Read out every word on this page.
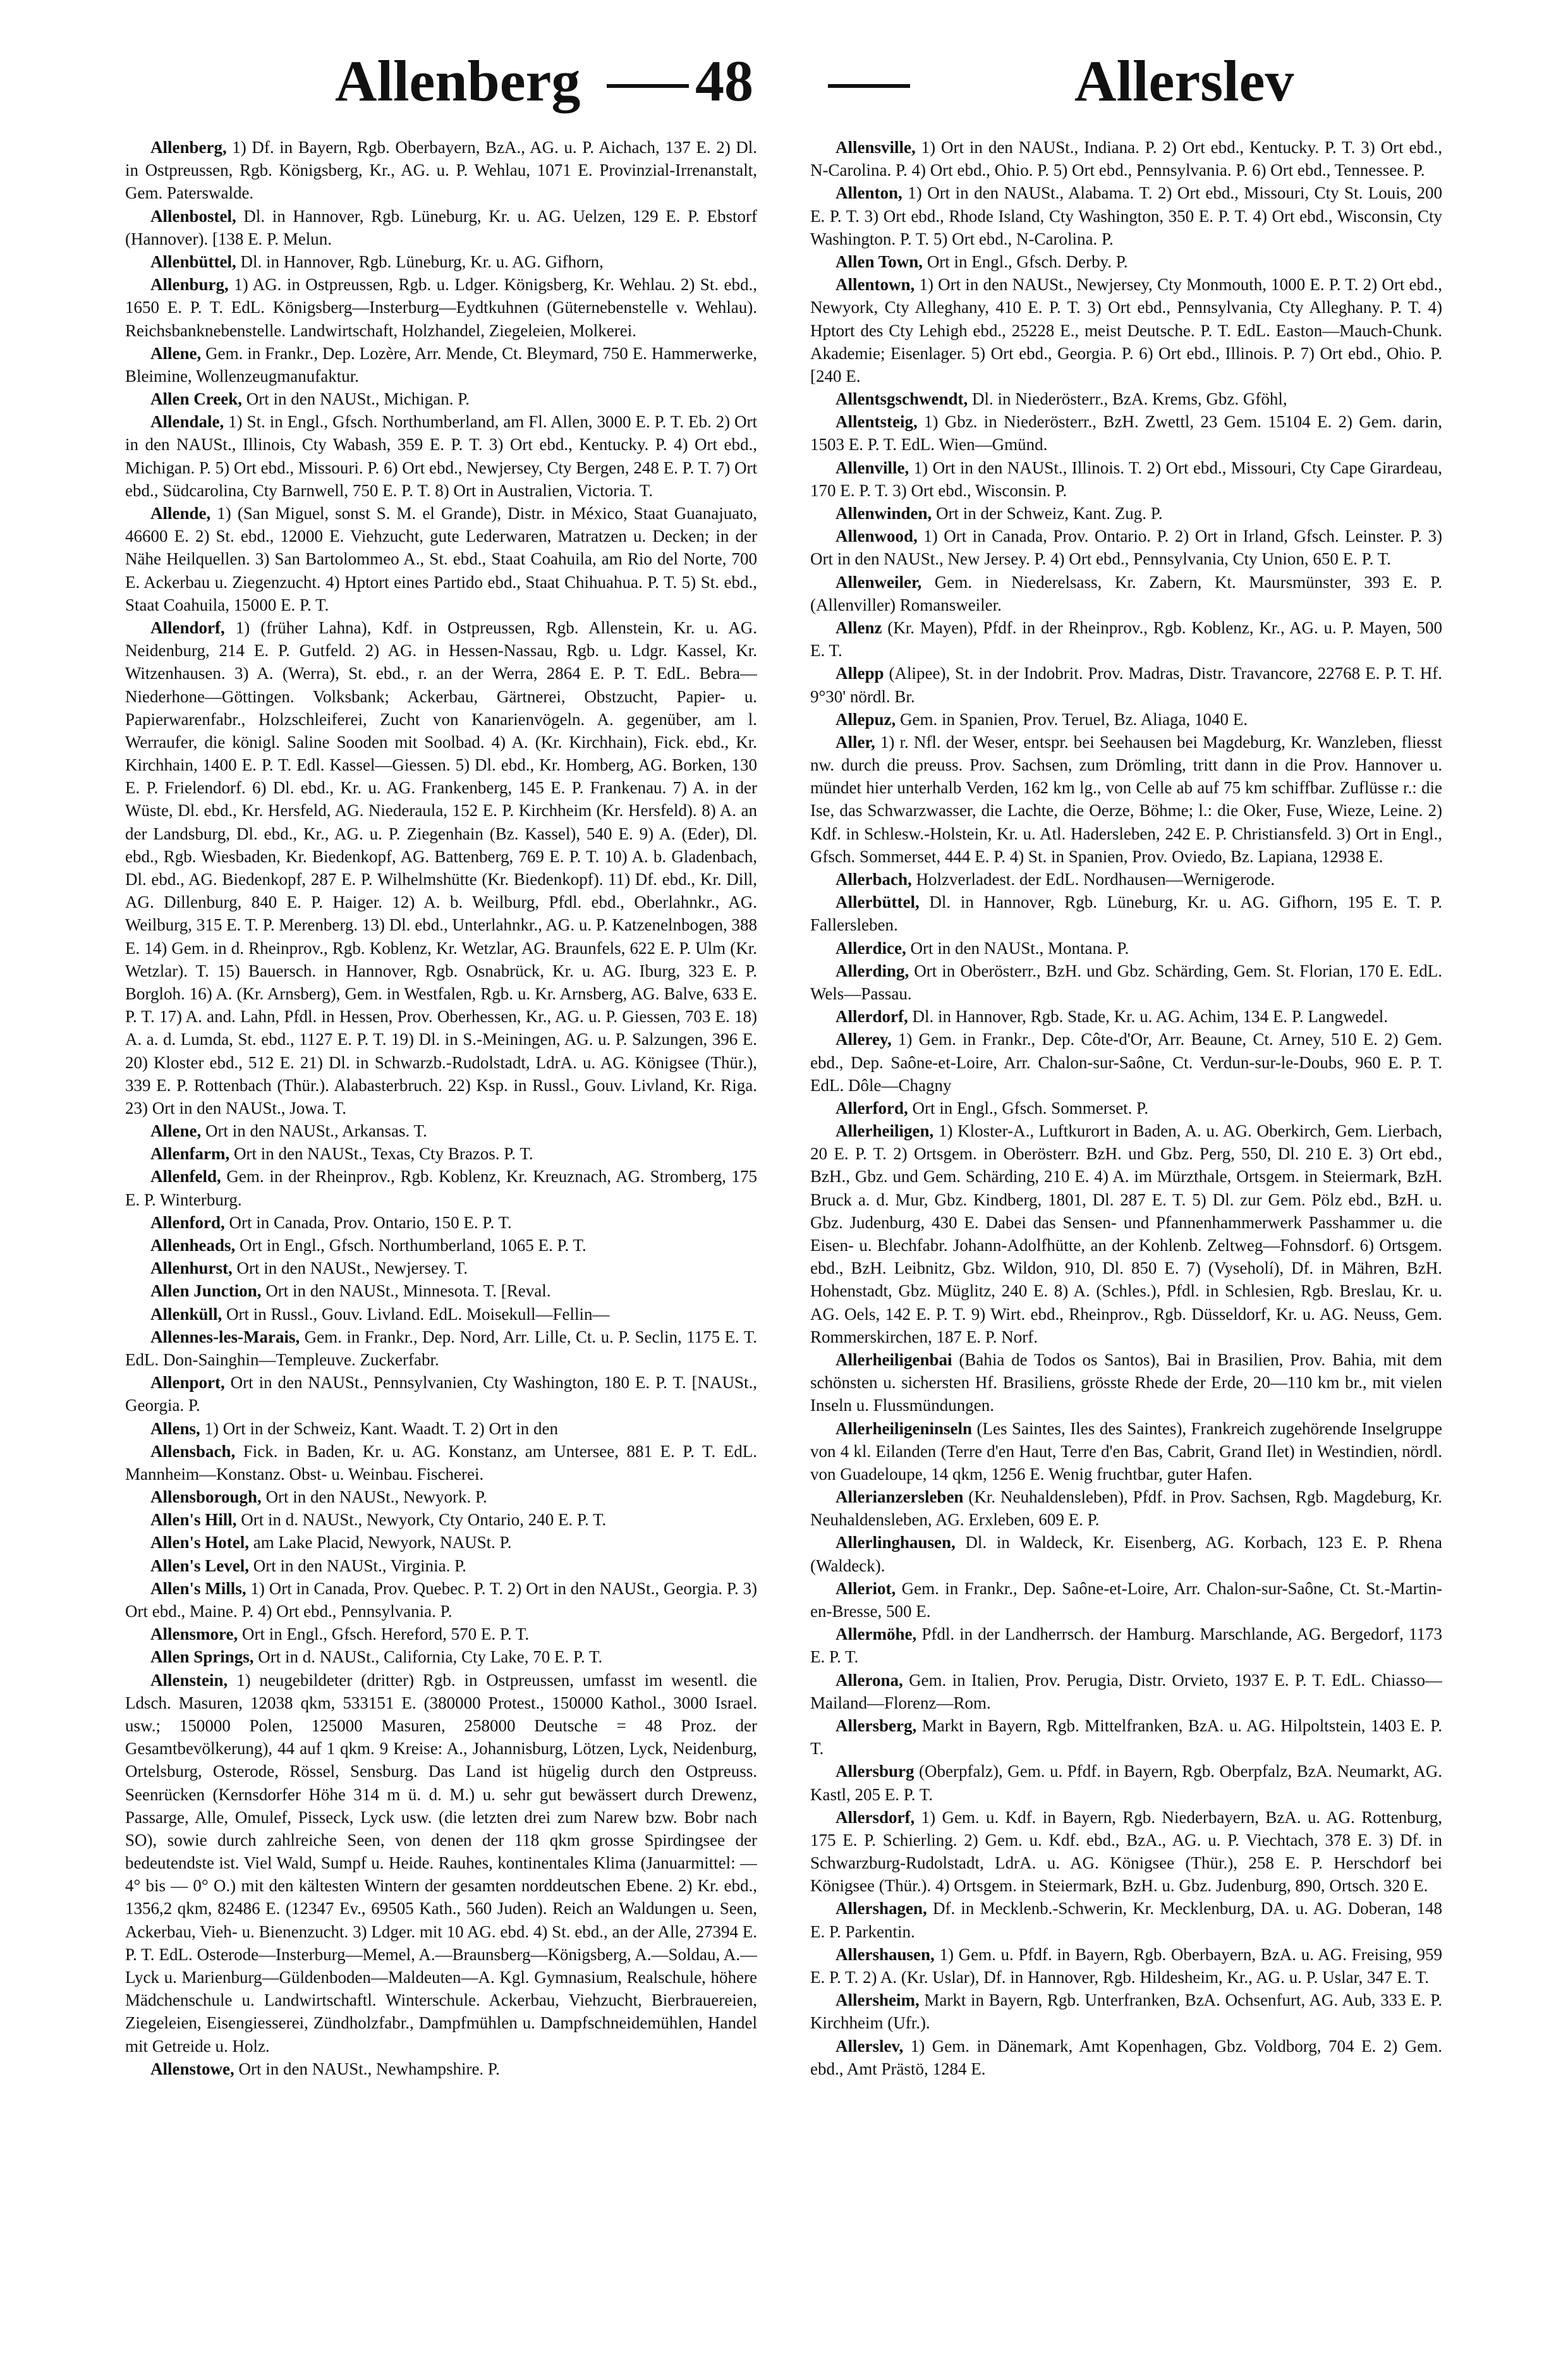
Allenberg 48	Allerslev

Allenberg, 1) Df. in Bayern, Rgb. Oberbayern, BzA., AG. u. P. Aichach, 137 E. 2) Dl. in Ostpreussen, Rgb. Königsberg, Kr., AG. u. P. Wehlau, 1071 E. Provinzial-Irrenanstalt, Gem. Paterswalde.

Allenbostel, Dl. in Hannover, Rgb. Lüneburg, Kr. u. AG. Uelzen, 129 E. P. Ebstorf (Hannover). [138 E. P. Melun.

Allenbüttel, Dl. in Hannover, Rgb. Lüneburg, Kr. u. AG. Gifhorn,

Allenburg, 1) AG. in Ostpreussen, Rgb. u. Ldger. Königsberg, Kr. Wehlau. 2) St. ebd., 1650 E. P. T. EdL. Königsberg—Insterburg—Eydtkuhnen (Güternebenstelle v. Wehlau). Reichsbanknebenstelle. Landwirtschaft, Holzhandel, Ziegeleien, Molkerei.

Allene, Gem. in Frankr., Dep. Lozère, Arr. Mende, Ct. Bleymard, 750 E. Hammerwerke, Bleimine, Wollenzeugmanufaktur.

Allen Creek, Ort in den NAUSt., Michigan. P.

Allendale, 1) St. in Engl., Gfsch. Northumberland, am Fl. Allen, 3000 E. P. T. Eb. 2) Ort in den NAUSt., Illinois, Cty Wabash, 359 E. P. T. 3) Ort ebd., Kentucky. P. 4) Ort ebd., Michigan. P. 5) Ort ebd., Missouri. P. 6) Ort ebd., Newjersey, Cty Bergen, 248 E. P. T. 7) Ort ebd., Südcarolina, Cty Barnwell, 750 E. P. T. 8) Ort in Australien, Victoria. T.

Allende, 1) (San Miguel, sonst S. M. el Grande), Distr. in México, Staat Guanajuato, 46600 E. 2) St. ebd., 12000 E. Viehzucht, gute Lederwaren, Matratzen u. Decken; in der Nähe Heilquellen. 3) San Bartolommeo A., St. ebd., Staat Coahuila, am Rio del Norte, 700 E. Ackerbau u. Ziegenzucht. 4) Hptort eines Partido ebd., Staat Chihuahua. P. T. 5) St. ebd., Staat Coahuila, 15000 E. P. T.

Allendorf, 1) (früher Lahna), Kdf. in Ostpreussen, Rgb. Allenstein, Kr. u. AG. Neidenburg, 214 E. P. Gutfeld. 2) AG. in Hessen-Nassau, Rgb. u. Ldgr. Kassel, Kr. Witzenhausen. 3) A. (Werra), St. ebd., r. an der Werra, 2864 E. P. T. EdL. Bebra—Niederhone—Göttingen. Volksbank; Ackerbau, Gärtnerei, Obstzucht, Papier- u. Papierwarenfabr., Holzschleiferei, Zucht von Kanarienvögeln. A. gegenüber, am l. Werraufer, die königl. Saline Sooden mit Soolbad. 4) A. (Kr. Kirchhain), Fick. ebd., Kr. Kirchhain, 1400 E. P. T. Edl. Kassel—Giessen. 5) Dl. ebd., Kr. Homberg, AG. Borken, 130 E. P. Frielendorf. 6) Dl. ebd., Kr. u. AG. Frankenberg, 145 E. P. Frankenau. 7) A. in der Wüste, Dl. ebd., Kr. Hersfeld, AG. Niederaula, 152 E. P. Kirchheim (Kr. Hersfeld). 8) A. an der Landsburg, Dl. ebd., Kr., AG. u. P. Ziegenhain (Bz. Kassel), 540 E. 9) A. (Eder), Dl. ebd., Rgb. Wiesbaden, Kr. Biedenkopf, AG. Battenberg, 769 E. P. T. 10) A. b. Gladenbach, Dl. ebd., AG. Biedenkopf, 287 E. P. Wilhelmshütte (Kr. Biedenkopf). 11) Df. ebd., Kr. Dill, AG. Dillenburg, 840 E. P. Haiger. 12) A. b. Weilburg, Pfdl. ebd., Oberlahnkr., AG. Weilburg, 315 E. T. P. Merenberg. 13) Dl. ebd., Unterlahnkr., AG. u. P. Katzenelnbogen, 388 E. 14) Gem. in d. Rheinprov., Rgb. Koblenz, Kr. Wetzlar, AG. Braunfels, 622 E. P. Ulm (Kr. Wetzlar). T. 15) Bauersch. in Hannover, Rgb. Osnabrück, Kr. u. AG. Iburg, 323 E. P. Borgloh. 16) A. (Kr. Arnsberg), Gem. in Westfalen, Rgb. u. Kr. Arnsberg, AG. Balve, 633 E. P. T. 17) A. and. Lahn, Pfdl. in Hessen, Prov. Oberhessen, Kr., AG. u. P. Giessen, 703 E. 18) A. a. d. Lumda, St. ebd., 1127 E. P. T. 19) Dl. in S.-Meiningen, AG. u. P. Salzungen, 396 E. 20) Kloster ebd., 512 E. 21) Dl. in Schwarzb.-Rudolstadt, LdrA. u. AG. Königsee (Thür.), 339 E. P. Rottenbach (Thür.). Alabasterbruch. 22) Ksp. in Russl., Gouv. Livland, Kr. Riga. 23) Ort in den NAUSt., Jowa. T.

Allene, Ort in den NAUSt., Arkansas. T.

Allenfarm, Ort in den NAUSt., Texas, Cty Brazos. P. T.

Allenfeld, Gem. in der Rheinprov., Rgb. Koblenz, Kr. Kreuznach, AG. Stromberg, 175 E. P. Winterburg.

Allenford, Ort in Canada, Prov. Ontario, 150 E. P. T.

Allenheads, Ort in Engl., Gfsch. Northumberland, 1065 E. P. T.

Allenhurst, Ort in den NAUSt., Newjersey. T.

Allen Junction, Ort in den NAUSt., Minnesota. T. [Reval.

Allenküll, Ort in Russl., Gouv. Livland. EdL. Moisekull—Fellin—

Allennes-les-Marais, Gem. in Frankr., Dep. Nord, Arr. Lille, Ct. u. P. Seclin, 1175 E. T. EdL. Don-Sainghin—Templeuve. Zuckerfabr.

Allenport, Ort in den NAUSt., Pennsylvanien, Cty Washington, 180 E. P. T. [NAUSt., Georgia. P.

Allens, 1) Ort in der Schweiz, Kant. Waadt. T. 2) Ort in den

Allensbach, Fick. in Baden, Kr. u. AG. Konstanz, am Untersee, 881 E. P. T. EdL. Mannheim—Konstanz. Obst- u. Weinbau. Fischerei.

Allensborough, Ort in den NAUSt., Newyork. P.

Allen's Hill, Ort in d. NAUSt., Newyork, Cty Ontario, 240 E. P. T.

Allen's Hotel, am Lake Placid, Newyork, NAUSt. P.

Allen's Level, Ort in den NAUSt., Virginia. P.

Allen's Mills, 1) Ort in Canada, Prov. Quebec. P. T. 2) Ort in den NAUSt., Georgia. P. 3) Ort ebd., Maine. P. 4) Ort ebd., Pennsylvania. P.

Allensmore, Ort in Engl., Gfsch. Hereford, 570 E. P. T.

Allen Springs, Ort in d. NAUSt., California, Cty Lake, 70 E. P. T.

Allenstein, 1) neugebildeter (dritter) Rgb. in Ostpreussen, umfasst im wesentl. die Ldsch. Masuren, 12038 qkm, 533151 E. (380000 Protest., 150000 Kathol., 3000 Israel. usw.; 150000 Polen, 125000 Masuren, 258000 Deutsche = 48 Proz. der Gesamtbevölkerung), 44 auf 1 qkm. 9 Kreise: A., Johannisburg, Lötzen, Lyck, Neidenburg, Ortelsburg, Osterode, Rössel, Sensburg. Das Land ist hügelig durch den Ostpreuss. Seenrücken (Kernsdorfer Höhe 314 m ü. d. M.) u. sehr gut bewässert durch Drewenz, Passarge, Alle, Omulef, Pisseck, Lyck usw. (die letzten drei zum Narew bzw. Bobr nach SO), sowie durch zahlreiche Seen, von denen der 118 qkm grosse Spirdingsee der bedeutendste ist. Viel Wald, Sumpf u. Heide. Rauhes, kontinentales Klima (Januarmittel: —4° bis — 0° O.) mit den kältesten Wintern der gesamten norddeutschen Ebene. 2) Kr. ebd., 1356,2 qkm, 82486 E. (12347 Ev., 69505 Kath., 560 Juden). Reich an Waldungen u. Seen, Ackerbau, Vieh- u. Bienenzucht. 3) Ldger. mit 10 AG. ebd. 4) St. ebd., an der Alle, 27394 E. P. T. EdL. Osterode—Insterburg—Memel, A.—Braunsberg—Königsberg, A.—Soldau, A.—Lyck u. Marienburg—Güldenboden—Maldeuten—A. Kgl. Gymnasium, Realschule, höhere Mädchenschule u. Landwirtschaftl. Winterschule. Ackerbau, Viehzucht, Bierbrauereien, Ziegeleien, Eisengiesserei, Zündholzfabr., Dampfmühlen u. Dampfschneidemühlen, Handel mit Getreide u. Holz.

Allenstowe, Ort in den NAUSt., Newhampshire. P.

Allensville, 1) Ort in den NAUSt., Indiana. P. 2) Ort ebd., Kentucky. P. T. 3) Ort ebd., N-Carolina. P. 4) Ort ebd., Ohio. P. 5) Ort ebd., Pennsylvania. P. 6) Ort ebd., Tennessee. P.

Allenton, 1) Ort in den NAUSt., Alabama. T. 2) Ort ebd., Missouri, Cty St. Louis, 200 E. P. T. 3) Ort ebd., Rhode Island, Cty Washington, 350 E. P. T. 4) Ort ebd., Wisconsin, Cty Washington. P. T. 5) Ort ebd., N-Carolina. P.

Allen Town, Ort in Engl., Gfsch. Derby. P.

Allentown, 1) Ort in den NAUSt., Newjersey, Cty Monmouth, 1000 E. P. T. 2) Ort ebd., Newyork, Cty Alleghany, 410 E. P. T. 3) Ort ebd., Pennsylvania, Cty Alleghany. P. T. 4) Hptort des Cty Lehigh ebd., 25228 E., meist Deutsche. P. T. EdL. Easton—Mauch-Chunk. Akademie; Eisenlager. 5) Ort ebd., Georgia. P. 6) Ort ebd., Illinois. P. 7) Ort ebd., Ohio. P. [240 E.

Allentsgschwendt, Dl. in Niederösterr., BzA. Krems, Gbz. Gföhl,

Allentsteig, 1) Gbz. in Niederösterr., BzH. Zwettl, 23 Gem. 15104 E. 2) Gem. darin, 1503 E. P. T. EdL. Wien—Gmünd.

Allenville, 1) Ort in den NAUSt., Illinois. T. 2) Ort ebd., Missouri, Cty Cape Girardeau, 170 E. P. T. 3) Ort ebd., Wisconsin. P.

Allenwinden, Ort in der Schweiz, Kant. Zug. P.

Allenwood, 1) Ort in Canada, Prov. Ontario. P. 2) Ort in Irland, Gfsch. Leinster. P. 3) Ort in den NAUSt., New Jersey. P. 4) Ort ebd., Pennsylvania, Cty Union, 650 E. P. T.

Allenweiler, Gem. in Niederelsass, Kr. Zabern, Kt. Maursmünster, 393 E. P. (Allenviller) Romansweiler.

Allenz (Kr. Mayen), Pfdf. in der Rheinprov., Rgb. Koblenz, Kr., AG. u. P. Mayen, 500 E. T.

Allepp (Alipee), St. in der Indobrit. Prov. Madras, Distr. Travancore, 22768 E. P. T. Hf. 9°30' nördl. Br.

Allepuz, Gem. in Spanien, Prov. Teruel, Bz. Aliaga, 1040 E.

Aller, 1) r. Nfl. der Weser, entspr. bei Seehausen bei Magdeburg, Kr. Wanzleben, fliesst nw. durch die preuss. Prov. Sachsen, zum Drömling, tritt dann in die Prov. Hannover u. mündet hier unterhalb Verden, 162 km lg., von Celle ab auf 75 km schiffbar. Zuflüsse r.: die Ise, das Schwarzwasser, die Lachte, die Oerze, Böhme; l.: die Oker, Fuse, Wieze, Leine. 2) Kdf. in Schlesw.-Holstein, Kr. u. Atl. Hadersleben, 242 E. P. Christiansfeld. 3) Ort in Engl., Gfsch. Sommerset, 444 E. P. 4) St. in Spanien, Prov. Oviedo, Bz. Lapiana, 12938 E.

Allerbach, Holzverladest. der EdL. Nordhausen—Wernigerode.

Allerbüttel, Dl. in Hannover, Rgb. Lüneburg, Kr. u. AG. Gifhorn, 195 E. T. P. Fallersleben.

Allerdice, Ort in den NAUSt., Montana. P.

Allerding, Ort in Oberösterr., BzH. und Gbz. Schärding, Gem. St. Florian, 170 E. EdL. Wels—Passau.

Allerdorf, Dl. in Hannover, Rgb. Stade, Kr. u. AG. Achim, 134 E. P. Langwedel.

Allerey, 1) Gem. in Frankr., Dep. Côte-d'Or, Arr. Beaune, Ct. Arney, 510 E. 2) Gem. ebd., Dep. Saône-et-Loire, Arr. Chalon-sur-Saône, Ct. Verdun-sur-le-Doubs, 960 E. P. T. EdL. Dôle—Chagny

Allerford, Ort in Engl., Gfsch. Sommerset. P.

Allerheiligen, 1) Kloster-A., Luftkurort in Baden, A. u. AG. Oberkirch, Gem. Lierbach, 20 E. P. T. 2) Ortsgem. in Oberösterr. BzH. und Gbz. Perg, 550, Dl. 210 E. 3) Ort ebd., BzH., Gbz. und Gem. Schärding, 210 E. 4) A. im Mürzthale, Ortsgem. in Steiermark, BzH. Bruck a. d. Mur, Gbz. Kindberg, 1801, Dl. 287 E. T. 5) Dl. zur Gem. Pölz ebd., BzH. u. Gbz. Judenburg, 430 E. Dabei das Sensen- und Pfannenhammerwerk Passhammer u. die Eisen- u. Blechfabr. Johann-Adolfhütte, an der Kohlenb. Zeltweg—Fohnsdorf. 6) Ortsgem. ebd., BzH. Leibnitz, Gbz. Wildon, 910, Dl. 850 E. 7) (Vyseholí), Df. in Mähren, BzH. Hohenstadt, Gbz. Müglitz, 240 E. 8) A. (Schles.), Pfdl. in Schlesien, Rgb. Breslau, Kr. u. AG. Oels, 142 E. P. T. 9) Wirt. ebd., Rheinprov., Rgb. Düsseldorf, Kr. u. AG. Neuss, Gem. Rommerskirchen, 187 E. P. Norf.

Allerheiligenbai (Bahia de Todos os Santos), Bai in Brasilien, Prov. Bahia, mit dem schönsten u. sichersten Hf. Brasiliens, grösste Rhede der Erde, 20—110 km br., mit vielen Inseln u. Flussmündungen.

Allerheiligeninseln (Les Saintes, Iles des Saintes), Frankreich zugehörende Inselgruppe von 4 kl. Eilanden (Terre d'en Haut, Terre d'en Bas, Cabrit, Grand Ilet) in Westindien, nördl. von Guadeloupe, 14 qkm, 1256 E. Wenig fruchtbar, guter Hafen.

Allerianzersleben (Kr. Neuhaldensleben), Pfdf. in Prov. Sachsen, Rgb. Magdeburg, Kr. Neuhaldensleben, AG. Erxleben, 609 E. P.

Allerlinghausen, Dl. in Waldeck, Kr. Eisenberg, AG. Korbach, 123 E. P. Rhena (Waldeck).

Alleriot, Gem. in Frankr., Dep. Saône-et-Loire, Arr. Chalon-sur-Saône, Ct. St.-Martin-en-Bresse, 500 E.

Allermöhe, Pfdl. in der Landherrsch. der Hamburg. Marschlande, AG. Bergedorf, 1173 E. P. T.

Allerona, Gem. in Italien, Prov. Perugia, Distr. Orvieto, 1937 E. P. T. EdL. Chiasso—Mailand—Florenz—Rom.

Allersberg, Markt in Bayern, Rgb. Mittelfranken, BzA. u. AG. Hilpoltstein, 1403 E. P. T.

Allersburg (Oberpfalz), Gem. u. Pfdf. in Bayern, Rgb. Oberpfalz, BzA. Neumarkt, AG. Kastl, 205 E. P. T.

Allersdorf, 1) Gem. u. Kdf. in Bayern, Rgb. Niederbayern, BzA. u. AG. Rottenburg, 175 E. P. Schierling. 2) Gem. u. Kdf. ebd., BzA., AG. u. P. Viechtach, 378 E. 3) Df. in Schwarzburg-Rudolstadt, LdrA. u. AG. Königsee (Thür.), 258 E. P. Herschdorf bei Königsee (Thür.). 4) Ortsgem. in Steiermark, BzH. u. Gbz. Judenburg, 890, Ortsch. 320 E.

Allershagen, Df. in Mecklenb.-Schwerin, Kr. Mecklenburg, DA. u. AG. Doberan, 148 E. P. Parkentin.

Allershausen, 1) Gem. u. Pfdf. in Bayern, Rgb. Oberbayern, BzA. u. AG. Freising, 959 E. P. T. 2) A. (Kr. Uslar), Df. in Hannover, Rgb. Hildesheim, Kr., AG. u. P. Uslar, 347 E. T.

Allersheim, Markt in Bayern, Rgb. Unterfranken, BzA. Ochsenfurt, AG. Aub, 333 E. P. Kirchheim (Ufr.).

Allerslev, 1) Gem. in Dänemark, Amt Kopenhagen, Gbz. Voldborg, 704 E. 2) Gem. ebd., Amt Prästö, 1284 E.
